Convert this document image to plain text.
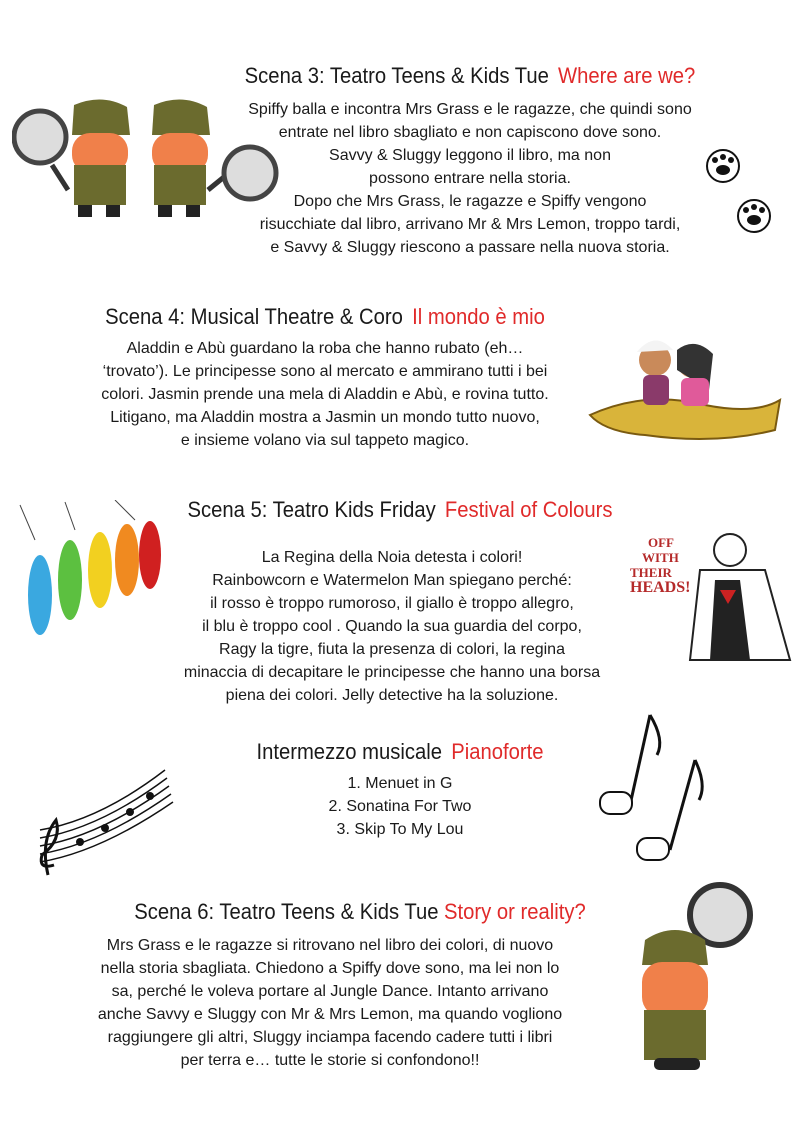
Scena 3: Teatro Teens & Kids Tue Where are we?
Spiffy balla e incontra Mrs Grass e le ragazze, che quindi sono
entrate nel libro sbagliato e non capiscono dove sono.
Savvy & Sluggy leggono il libro, ma non
possono entrare nella storia.
Dopo che Mrs Grass, le ragazze e Spiffy vengono
risucchiate dal libro, arrivano Mr & Mrs Lemon, troppo tardi,
e Savvy & Sluggy riescono a passare nella nuova storia.
Scena 4: Musical Theatre & Coro Il mondo è mio
Aladdin e Abù guardano la roba che hanno rubato (eh…
‘trovato’). Le principesse sono al mercato e ammirano tutti i bei
colori. Jasmin prende una mela di Aladdin e Abù, e rovina tutto.
Litigano, ma Aladdin mostra a Jasmin un mondo tutto nuovo,
e insieme volano via sul tappeto magico.
Scena 5: Teatro Kids Friday Festival of Colours
La Regina della Noia detesta i colori!
Rainbowcorn e Watermelon Man spiegano perché:
il rosso è troppo rumoroso, il giallo è troppo allegro,
il blu è troppo cool . Quando la sua guardia del corpo,
Ragy la tigre, fiuta la presenza di colori, la regina
minaccia di decapitare le principesse che hanno una borsa
piena dei colori. Jelly detective ha la soluzione.
Intermezzo musicale Pianoforte
1. Menuet in G
2. Sonatina For Two
3. Skip To My Lou
Scena 6: Teatro Teens & Kids Tue Story or reality?
Mrs Grass e le ragazze si ritrovano nel libro dei colori, di nuovo
nella storia sbagliata. Chiedono a Spiffy dove sono, ma lei non lo
sa, perché le voleva portare al Jungle Dance. Intanto arrivano
anche Savvy e Sluggy con Mr & Mrs Lemon, ma quando vogliono
raggiungere gli altri, Sluggy inciampa facendo cadere tutti i libri
per terra e… tutte le storie si confondono!!
OFF
WITH
THEIR
HEADS!
